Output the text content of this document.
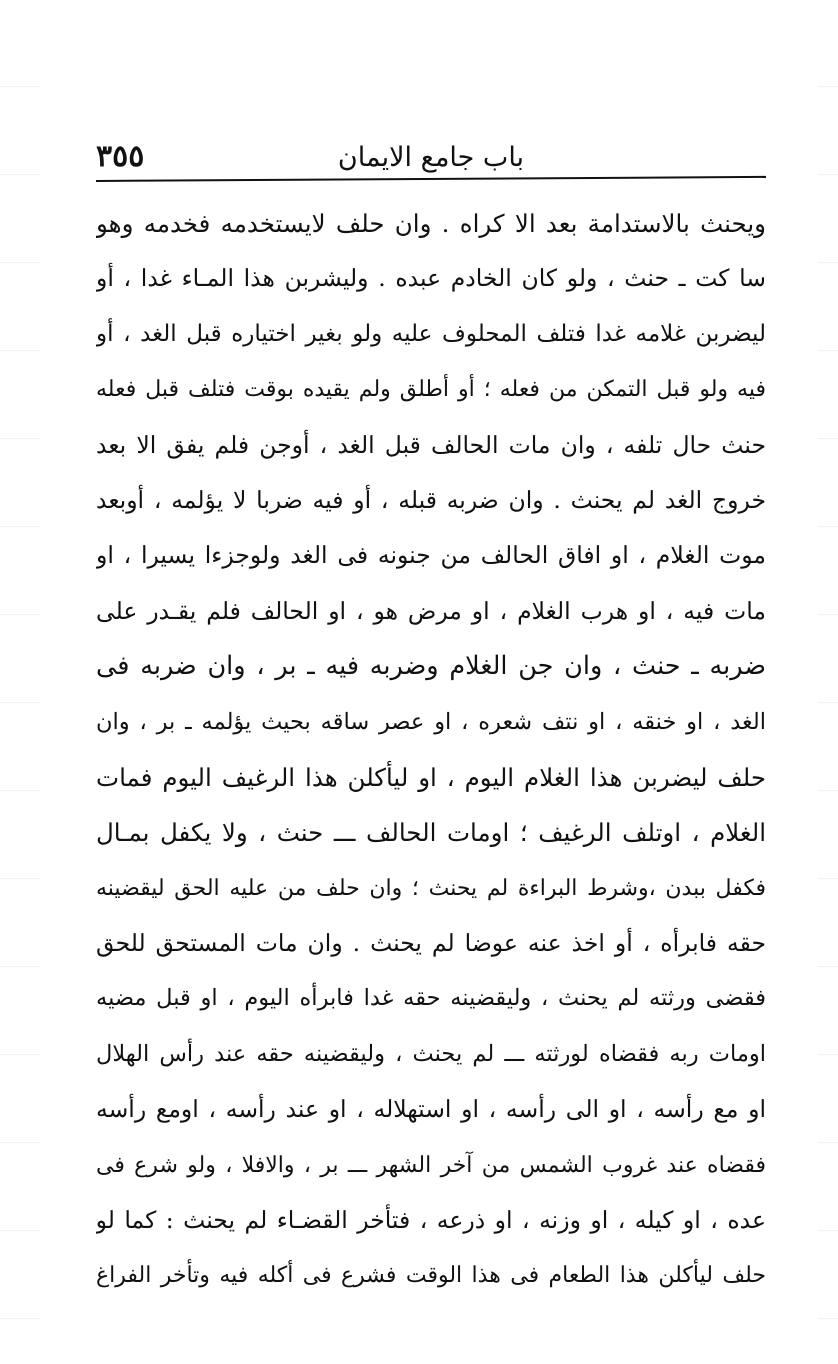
باب جامع الايمان
٣٥٥
ويحنث بالاستدامة بعد الا كراه . وان حلف لايستخدمه فخدمه وهو
سا كت ـ حنث ، ولو كان الخادم عبده . وليشربن هذا المـاء غدا ، أو
ليضربن غلامه غدا فتلف المحلوف عليه ولو بغير اختياره قبل الغد ، أو
فيه ولو قبل التمكن من فعله ؛ أو أطلق ولم يقيده بوقت فتلف قبل فعله
حنث حال تلفه ، وان مات الحالف قبل الغد ، أوجن فلم يفق الا بعد
خروج الغد لم يحنث . وان ضربه قبله ، أو فيه ضربا لا يؤلمه ، أوبعد
موت الغلام ، او افاق الحالف من جنونه فى الغد ولوجزءا يسيرا ، او
مات فيه ، او هرب الغلام ، او مرض هو ، او الحالف فلم يقـدر على
ضربه ـ حنث ، وان جن الغلام وضربه فيه ـ بر ، وان ضربه فى
الغد ، او خنقه ، او نتف شعره ، او عصر ساقه بحيث يؤلمه ـ بر ، وان
حلف ليضربن هذا الغلام اليوم ، او ليأكلن هذا الرغيف اليوم فمات
الغلام ، اوتلف الرغيف ؛ اومات الحالف ـــ حنث ، ولا يكفل بمـال
فكفل ببدن ،وشرط البراءة لم يحنث ؛ وان حلف من عليه الحق ليقضينه
حقه فابرأه ، أو اخذ عنه عوضا لم يحنث . وان مات المستحق للحق
فقضى ورثته لم يحنث ، وليقضينه حقه غدا فابرأه اليوم ، او قبل مضيه
اومات ربه فقضاه لورثته ـــ لم يحنث ، وليقضينه حقه عند رأس الهلال
او مع رأسه ، او الى رأسه ، او استهلاله ، او عند رأسه ، اومع رأسه
فقضاه عند غروب الشمس من آخر الشهر ـــ بر ، والافلا ، ولو شرع فى
عده ، او كيله ، او وزنه ، او ذرعه ، فتأخر القضـاء لم يحنث : كما لو
حلف ليأكلن هذا الطعام فى هذا الوقت فشرع فى أكله فيه وتأخر الفراغ
